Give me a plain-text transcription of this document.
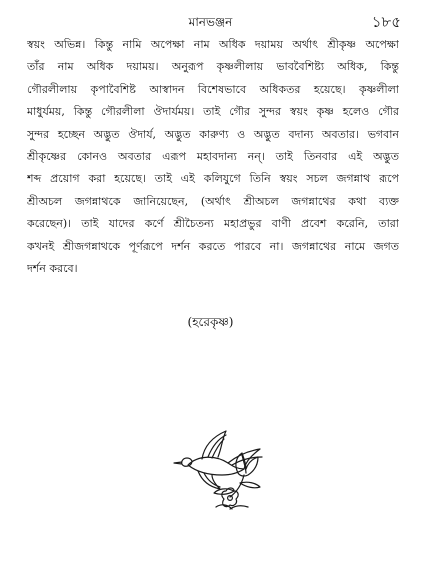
মানভঞ্জন	১৮৫
স্বয়ং অভিন্ন। কিন্তু নামি অপেক্ষা নাম অধিক দয়াময় অর্থাৎ শ্রীকৃষ্ণ অপেক্ষা
তাঁর নাম অধিক দয়াময়। অনুরূপ কৃষ্ণলীলায় ভাববৈশিষ্ট্য অধিক, কিন্তু
গৌরলীলায় কৃপাবৈশিষ্ট আস্বাদন বিশেষভাবে অধিকতর হয়েছে। কৃষ্ণলীলা
মাধুর্যময়, কিন্তু গৌরলীলা ঔদার্যময়। তাই গৌর সুন্দর স্বয়ং কৃষ্ণ হলেও গৌর
সুন্দর হচ্ছেন অদ্ভুত ঔদার্য, অদ্ভুত কারুণ্য ও অদ্ভুত বদান্য অবতার। ভগবান
শ্রীকৃষ্ণের কোনও অবতার এরূপ মহাবদান্য নন্। তাই তিনবার এই অদ্ভুত
শব্দ প্রয়োগ করা হয়েছে। তাই এই কলিযুগে তিনি স্বয়ং সচল জগন্নাথ রূপে
শ্রীঅচল জগন্নাথকে জানিয়েছেন, (অর্থাৎ শ্রীঅচল জগন্নাথের কথা ব্যক্ত
করেছেন)। তাই যাদের কর্ণে শ্রীচৈতন্য মহাপ্রভুর বাণী প্রবেশ করেনি, তারা
কখনই শ্রীজগন্নাথকে পূর্ণরূপে দর্শন করতে পারবে না। জগন্নাথের নামে জগত
দর্শন করবে।
(হরেকৃষ্ণ)
